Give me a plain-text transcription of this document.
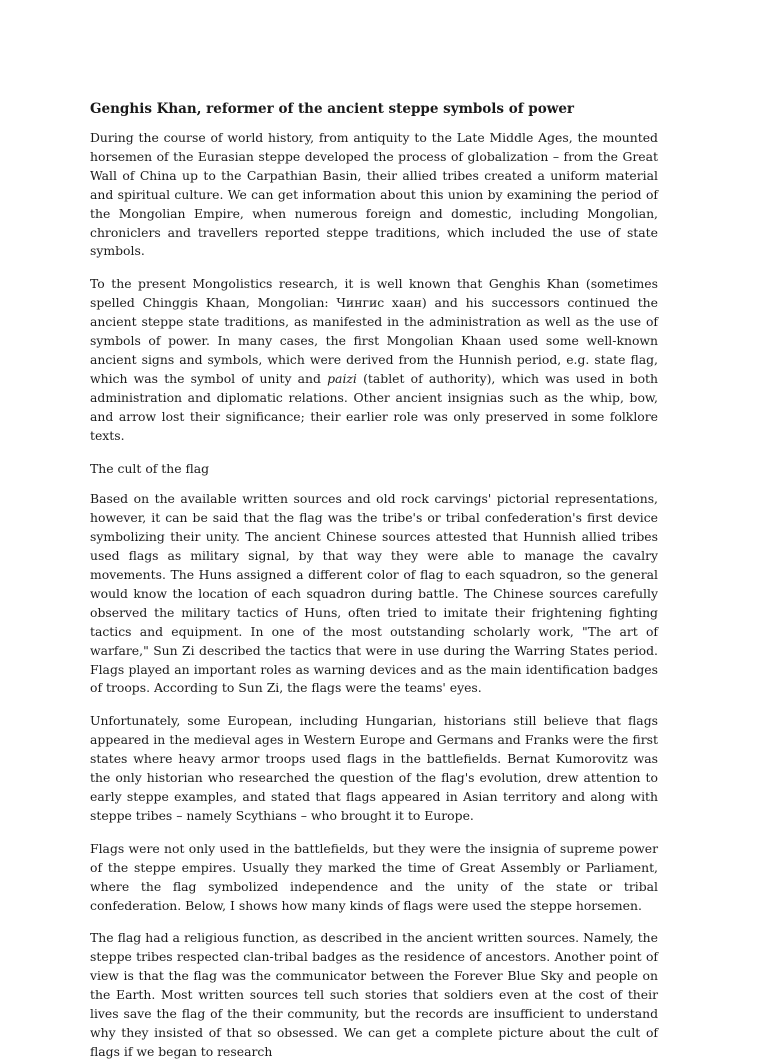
Genghis Khan, reformer of the ancient steppe symbols of power

During the course of world history, from antiquity to the Late Middle Ages, the mounted horsemen of the Eurasian steppe developed the process of globalization – from the Great Wall of China up to the Carpathian Basin, their allied tribes created a uniform material and spiritual culture. We can get information about this union by examining the period of the Mongolian Empire, when numerous foreign and domestic, including Mongolian, chroniclers and travellers reported steppe traditions, which included the use of state symbols.

To the present Mongolistics research, it is well known that Genghis Khan (sometimes spelled Chinggis Khaan, Mongolian: Чингис хаан) and his successors continued the ancient steppe state traditions, as manifested in the administration as well as the use of symbols of power. In many cases, the first Mongolian Khaan used some well-known ancient signs and symbols, which were derived from the Hunnish period, e.g. state flag, which was the symbol of unity and paizi (tablet of authority), which was used in both administration and diplomatic relations. Other ancient insignias such as the whip, bow, and arrow lost their significance; their earlier role was only preserved in some folklore texts.

The cult of the flag

Based on the available written sources and old rock carvings' pictorial representations, however, it can be said that the flag was the tribe's or tribal confederation's first device symbolizing their unity. The ancient Chinese sources attested that Hunnish allied tribes used flags as military signal, by that way they were able to manage the cavalry movements. The Huns assigned a different color of flag to each squadron, so the general would know the location of each squadron during battle. The Chinese sources carefully observed the military tactics of Huns, often tried to imitate their frightening fighting tactics and equipment. In one of the most outstanding scholarly work, "The art of warfare," Sun Zi described the tactics that were in use during the Warring States period. Flags played an important roles as warning devices and as the main identification badges of troops. According to Sun Zi, the flags were the teams' eyes.

Unfortunately, some European, including Hungarian, historians still believe that flags appeared in the medieval ages in Western Europe and Germans and Franks were the first states where heavy armor troops used flags in the battlefields. Bernat Kumorovitz was the only historian who researched the question of the flag's evolution, drew attention to early steppe examples, and stated that flags appeared in Asian territory and along with steppe tribes – namely Scythians – who brought it to Europe.

Flags were not only used in the battlefields, but they were the insignia of supreme power of the steppe empires. Usually they marked the time of Great Assembly or Parliament, where the flag symbolized independence and the unity of the state or tribal confederation. Below, I shows how many kinds of flags were used the steppe horsemen.

The flag had a religious function, as described in the ancient written sources. Namely, the steppe tribes respected clan-tribal badges as the residence of ancestors. Another point of view is that the flag was the communicator between the Forever Blue Sky and people on the Earth. Most written sources tell such stories that soldiers even at the cost of their lives save the flag of the their community, but the records are insufficient to understand why they insisted of that so obsessed. We can get a complete picture about the cult of flags if we began to research
